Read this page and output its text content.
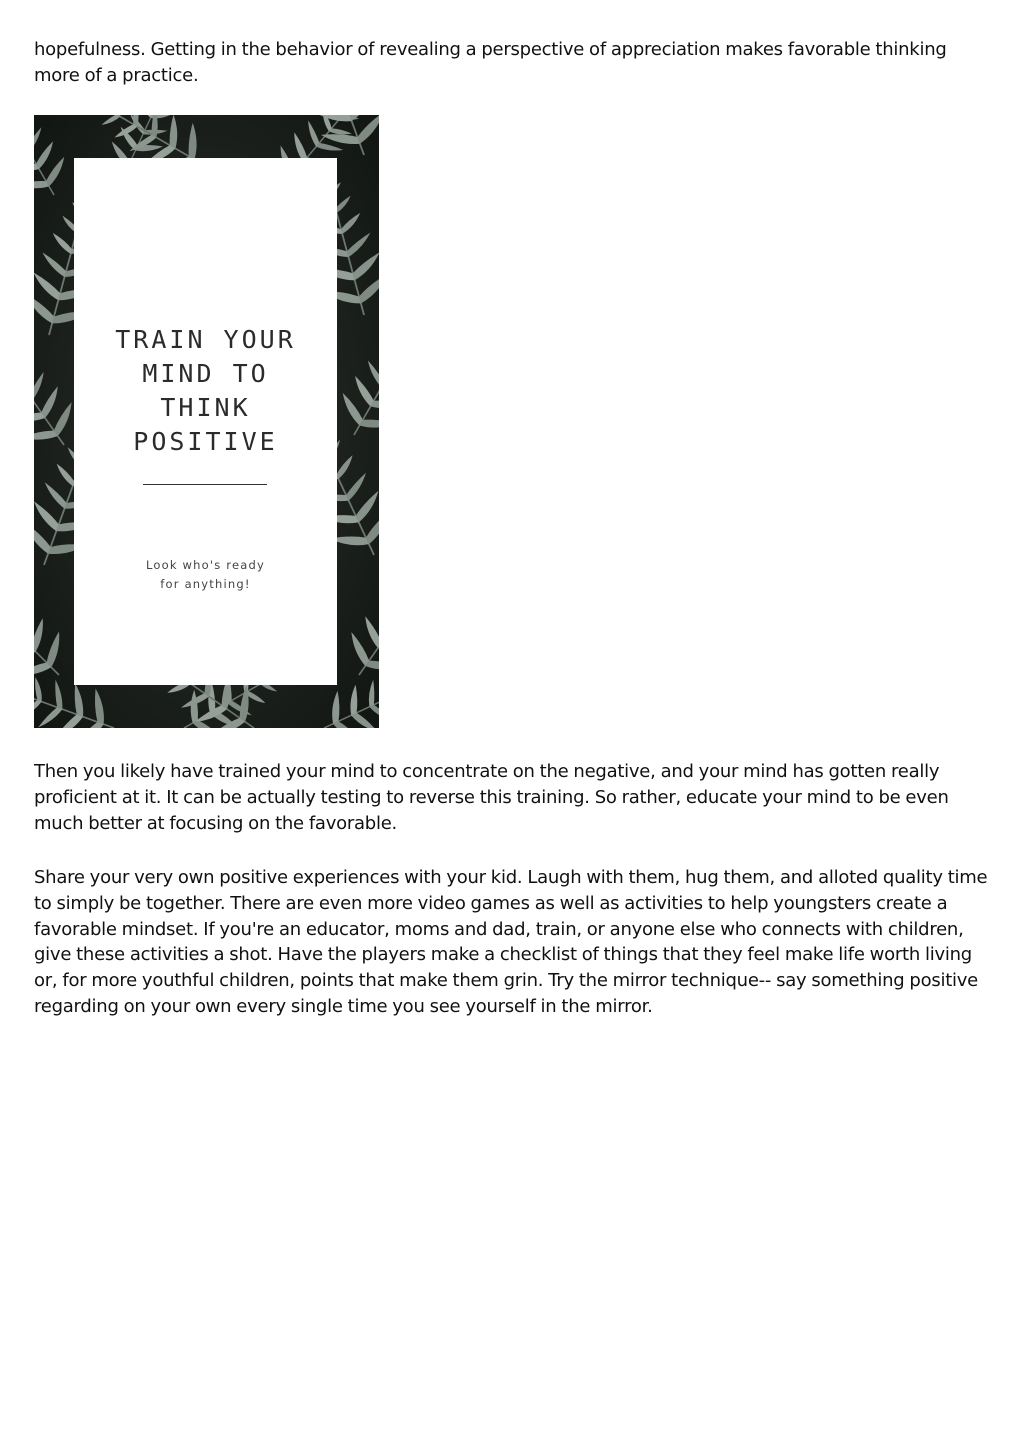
hopefulness. Getting in the behavior of revealing a perspective of appreciation makes favorable thinking more of a practice.

TRAIN YOUR
MIND TO
THINK
POSITIVE
Look who's ready
for anything!

Then you likely have trained your mind to concentrate on the negative, and your mind has gotten really proficient at it. It can be actually testing to reverse this training. So rather, educate your mind to be even much better at focusing on the favorable.

Share your very own positive experiences with your kid. Laugh with them, hug them, and alloted quality time to simply be together. There are even more video games as well as activities to help youngsters create a favorable mindset. If you're an educator, moms and dad, train, or anyone else who connects with children, give these activities a shot. Have the players make a checklist of things that they feel make life worth living or, for more youthful children, points that make them grin. Try the mirror technique-- say something positive regarding on your own every single time you see yourself in the mirror.
